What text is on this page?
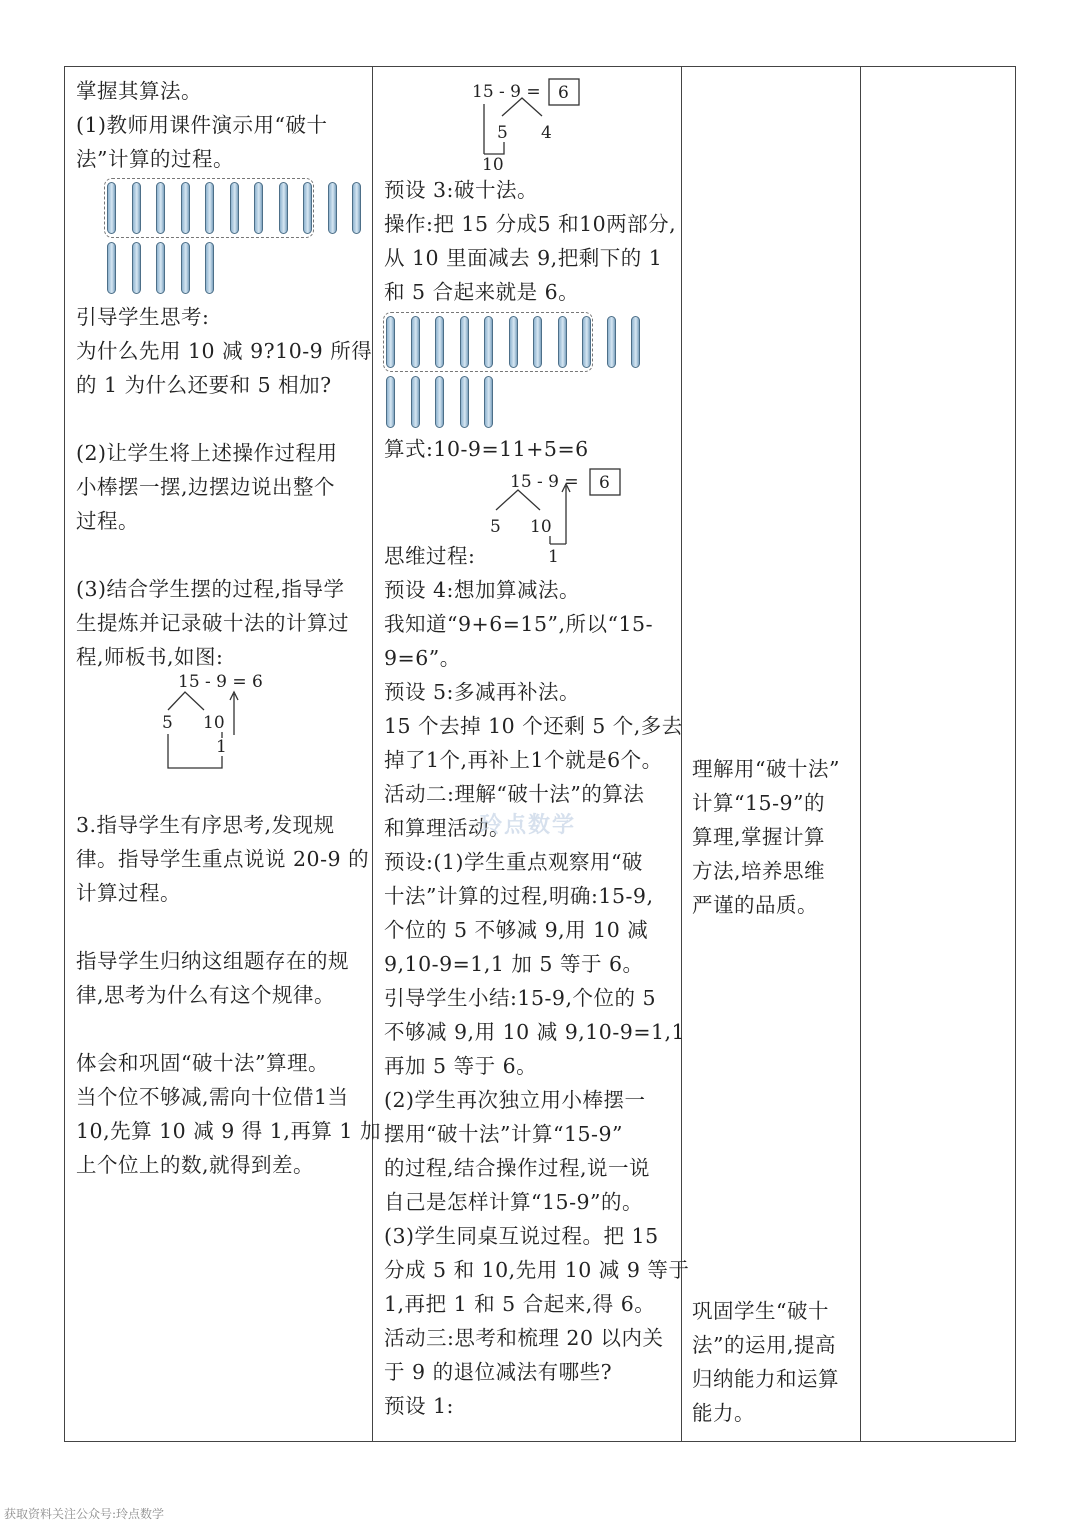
掌握其算法。
(1)教师用课件演示用“破十
法”计算的过程。
引导学生思考:
为什么先用 10 减 9?10-9 所得
的 1 为什么还要和 5 相加?
(2)让学生将上述操作过程用
小棒摆一摆,边摆边说出整个
过程。
(3)结合学生摆的过程,指导学
生提炼并记录破十法的计算过
程,师板书,如图:
15 - 9 = 6
5 10
1
3.指导学生有序思考,发现规
律。指导学生重点说说 20-9 的
计算过程。
指导学生归纳这组题存在的规
律,思考为什么有这个规律。
体会和巩固“破十法”算理。
当个位不够减,需向十位借1当
10,先算 10 减 9 得 1,再算 1 加
上个位上的数,就得到差。
15 - 9 = 6
5 4
10
预设 3:破十法。
操作:把 15 分成5 和10两部分,
从 10 里面减去 9,把剩下的 1
和 5 合起来就是 6。
算式:10-9=11+5=6
15 - 9 = 6
5 10
1
思维过程:
预设 4:想加算减法。
我知道“9+6=15”,所以“15-
9=6”。
预设 5:多减再补法。
15 个去掉 10 个还剩 5 个,多去
掉了1个,再补上1个就是6个。
活动二:理解“破十法”的算法
和算理活动。
预设:(1)学生重点观察用“破
十法”计算的过程,明确:15-9,
个位的 5 不够减 9,用 10 减
9,10-9=1,1 加 5 等于 6。
引导学生小结:15-9,个位的 5
不够减 9,用 10 减 9,10-9=1,1
再加 5 等于 6。
(2)学生再次独立用小棒摆一
摆用“破十法”计算“15-9”
的过程,结合操作过程,说一说
自己是怎样计算“15-9”的。
(3)学生同桌互说过程。把 15
分成 5 和 10,先用 10 减 9 等于
1,再把 1 和 5 合起来,得 6。
活动三:思考和梳理 20 以内关
于 9 的退位减法有哪些?
预设 1:
理解用“破十法”
计算“15-9”的
算理,掌握计算
方法,培养思维
严谨的品质。
巩固学生“破十
法”的运用,提高
归纳能力和运算
能力。
玲点数学
获取资料关注公众号:玲点数学
